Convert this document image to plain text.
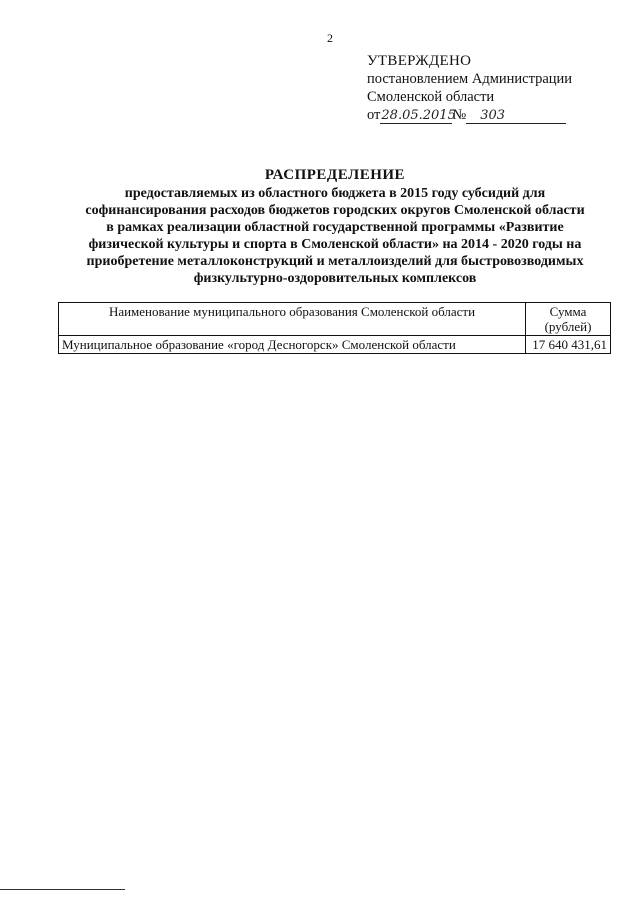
2
УТВЕРЖДЕНО
постановлением Администрации
Смоленской области
от 28.05.2015
№	303
РАСПРЕДЕЛЕНИЕ
предоставляемых из областного бюджета в 2015 году субсидий для
софинансирования расходов бюджетов городских округов Смоленской области
в рамках реализации областной государственной программы «Развитие
физической культуры и спорта в Смоленской области» на 2014 - 2020 годы на
приобретение металлоконструкций и металлоизделий для быстровозводимых
физкультурно-оздоровительных комплексов
Наименование муниципального образования Смоленской области	Сумма
(рублей)

Муниципальное образование «город Десногорск» Смоленской области	17 640 431,61
